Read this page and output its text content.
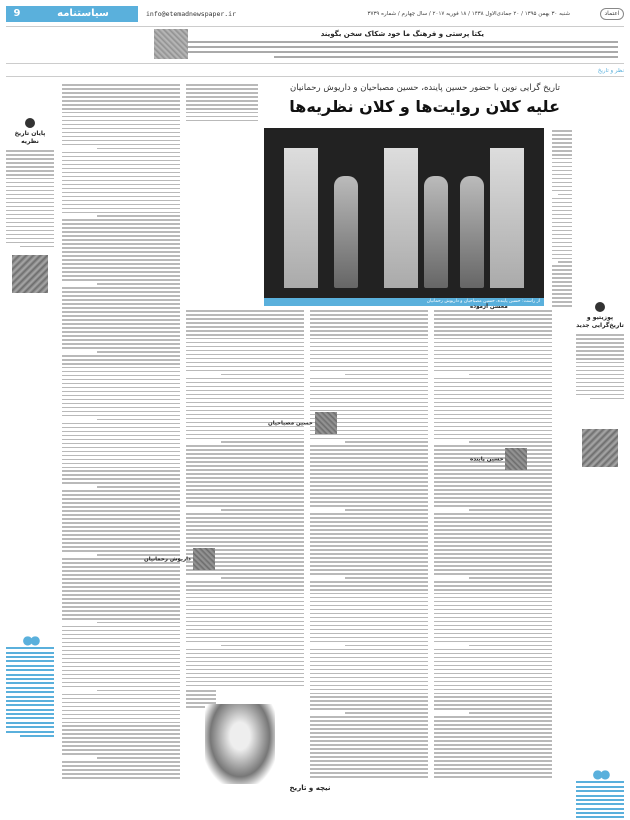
9	سیاستنامه	info@etemadnewspaper.ir	شنبه ۳۰ بهمن ۱۳۹۵ / ۲۰ جمادی‌الاول ۱۴۳۸ / ۱۸ فوریه ۲۰۱۷ / سال چهارم / شماره ۳۷۳۹	اعتماد
یکتا پرستی و فرهنگ ما خود شکاک سخن بگویند
نظر و تاریخ
تاریخ گرایی نوین با حضور حسین پاینده، حسین مصباحیان و داریوش رحمانیان
علیه کلان روایت‌ها و کلان نظریه‌ها
از راست: حسین پاینده، حسین مصباحیان و داریوش رحمانیان
پایان تاریخ نظریه
●●
پوزیتیو و تاریخ‌گرایی جدید
●●
محسن آزموده
حسین پاینده
حسین مصباحیان
داریوش رحمانیان
نیچه و تاریخ
